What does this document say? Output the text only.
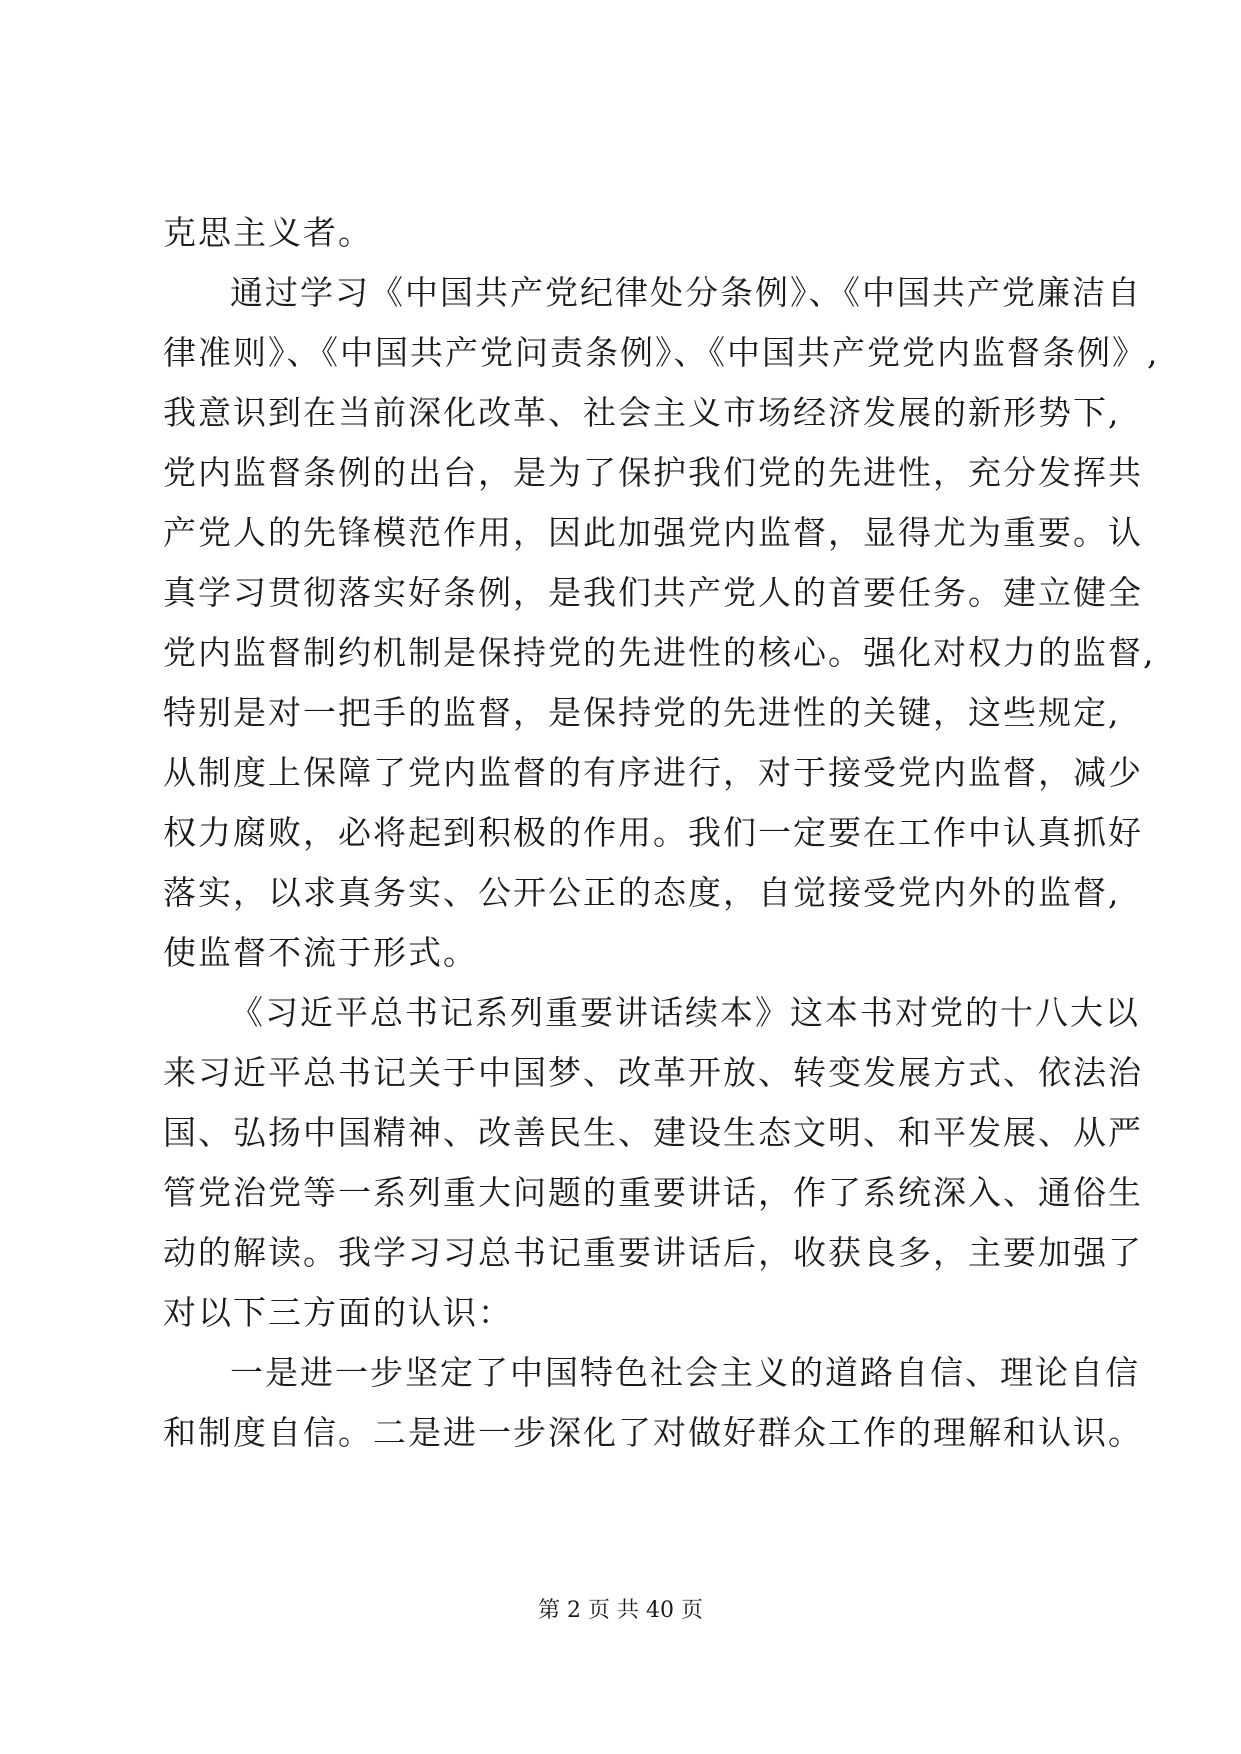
克思主义者。
通过学习《中国共产党纪律处分条例》、《中国共产党廉洁自
律准则》、《中国共产党问责条例》、《中国共产党党内监督条例》,
我意识到在当前深化改革、社会主义市场经济发展的新形势下,
党内监督条例的出台，是为了保护我们党的先进性，充分发挥共
产党人的先锋模范作用，因此加强党内监督，显得尤为重要。认
真学习贯彻落实好条例，是我们共产党人的首要任务。建立健全
党内监督制约机制是保持党的先进性的核心。强化对权力的监督,
特别是对一把手的监督，是保持党的先进性的关键，这些规定,
从制度上保障了党内监督的有序进行，对于接受党内监督，减少
权力腐败，必将起到积极的作用。我们一定要在工作中认真抓好
落实，以求真务实、公开公正的态度，自觉接受党内外的监督,
使监督不流于形式。
《习近平总书记系列重要讲话续本》这本书对党的十八大以
来习近平总书记关于中国梦、改革开放、转变发展方式、依法治
国、弘扬中国精神、改善民生、建设生态文明、和平发展、从严
管党治党等一系列重大问题的重要讲话，作了系统深入、通俗生
动的解读。我学习习总书记重要讲话后，收获良多，主要加强了
对以下三方面的认识：
一是进一步坚定了中国特色社会主义的道路自信、理论自信
和制度自信。二是进一步深化了对做好群众工作的理解和认识。
第 2 页 共 40 页
